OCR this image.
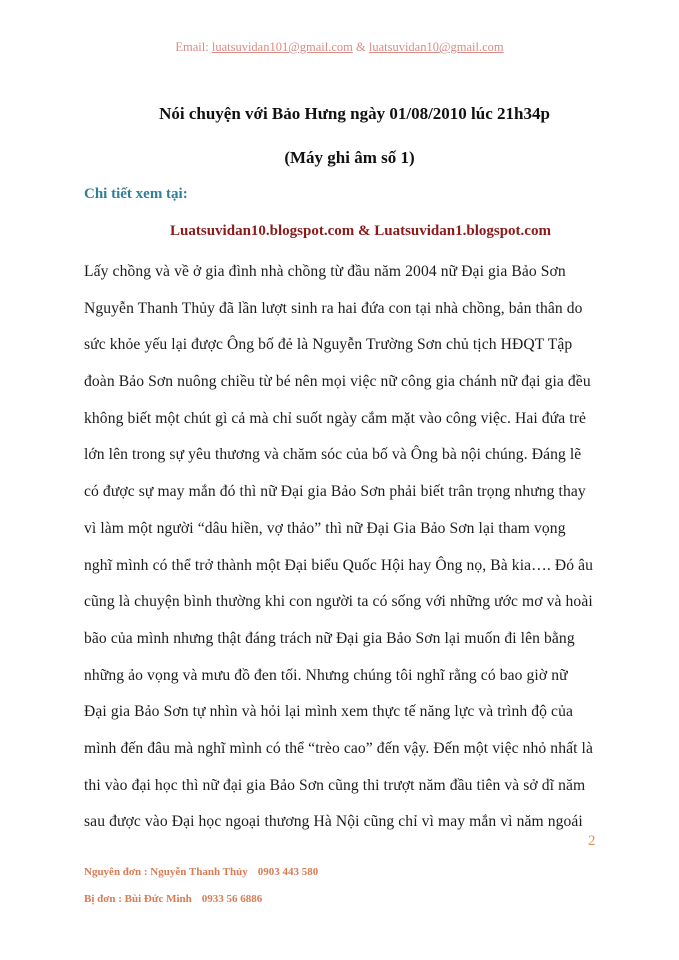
Email: luatsuvidan101@gmail.com & luatsuvidan10@gmail.com
Nói chuyện với Bảo Hưng ngày 01/08/2010 lúc 21h34p
(Máy ghi âm số 1)
Chi tiết xem tại:
Luatsuvidan10.blogspot.com & Luatsuvidan1.blogspot.com
Lấy chồng và về ở gia đình nhà chồng từ đầu năm 2004 nữ Đại gia Bảo Sơn
Nguyễn Thanh Thủy đã lần lượt sinh ra hai đứa con tại nhà chồng, bản thân do
sức khỏe yếu lại được Ông bố đẻ là Nguyễn Trường Sơn chủ tịch HĐQT Tập
đoàn Bảo Sơn nuông chiều từ bé nên mọi việc nữ công gia chánh nữ đại gia đều
không biết một chút gì cả mà chỉ suốt ngày cắm mặt vào công việc. Hai đứa trẻ
lớn lên trong sự yêu thương và chăm sóc của bố và Ông bà nội chúng. Đáng lẽ
có được sự may mắn đó thì nữ Đại gia Bảo Sơn phải biết trân trọng nhưng thay
vì làm một người “dâu hiền, vợ thảo” thì nữ Đại Gia Bảo Sơn lại tham vọng
nghĩ mình có thể trở thành một Đại biểu Quốc Hội hay Ông nọ, Bà kia…. Đó âu
cũng là chuyện bình thường khi con người ta có sống với những ước mơ và hoài
bão của mình nhưng thật đáng trách nữ Đại gia Bảo Sơn lại muốn đi lên bằng
những ảo vọng và mưu đồ đen tối. Nhưng chúng tôi nghĩ rằng có bao giờ nữ
Đại gia Bảo Sơn tự nhìn và hỏi lại mình xem thực tế năng lực và trình độ của
mình đến đâu mà nghĩ mình có thể “trèo cao” đến vậy. Đến một việc nhỏ nhất là
thi vào đại học thì nữ đại gia Bảo Sơn cũng thi trượt năm đầu tiên và sở dĩ năm
sau được vào Đại học ngoại thương Hà Nội cũng chỉ vì may mắn vì năm ngoái
2
Nguyên đơn : Nguyễn Thanh Thủy 0903 443 580
Bị đơn : Bùi Đức Minh 0933 56 6886
